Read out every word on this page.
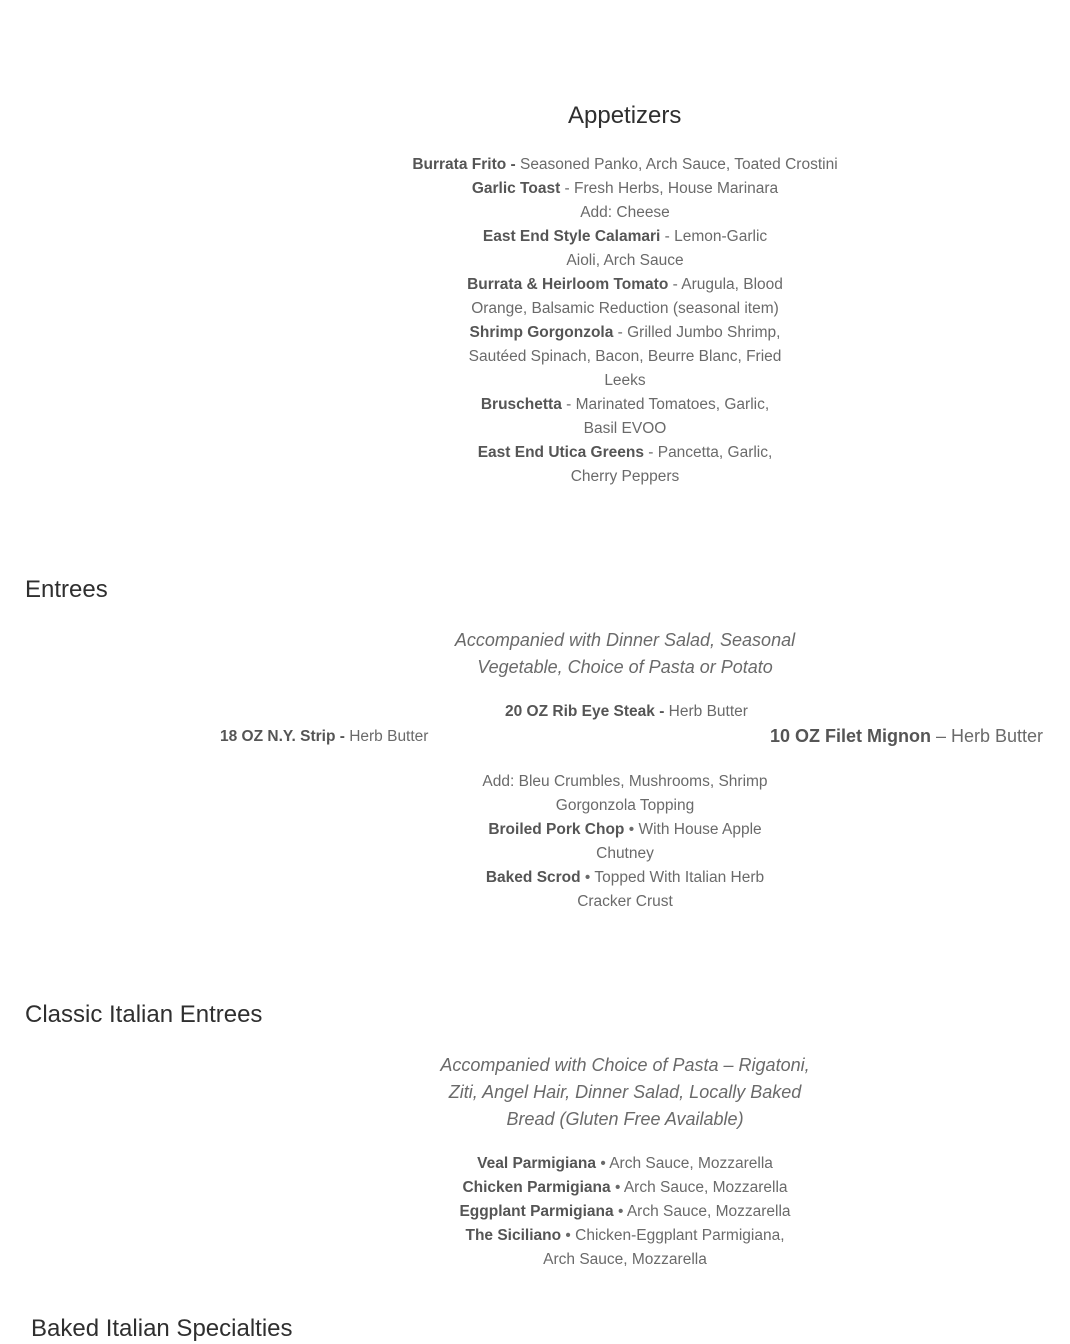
Appetizers

Burrata Frito - Seasoned Panko, Arch Sauce, Toated Crostini

Garlic Toast - Fresh Herbs, House Marinara

Add: Cheese

East End Style Calamari - Lemon-Garlic

Aioli, Arch Sauce

Burrata & Heirloom Tomato - Arugula, Blood

Orange, Balsamic Reduction (seasonal item)

Shrimp Gorgonzola - Grilled Jumbo Shrimp,

Sautéed Spinach, Bacon, Beurre Blanc, Fried

Leeks

Bruschetta - Marinated Tomatoes, Garlic,

Basil EVOO

East End Utica Greens - Pancetta, Garlic,

Cherry Peppers

Entrees
Accompanied with Dinner Salad, Seasonal
Vegetable, Choice of Pasta or Potato
20 OZ Rib Eye Steak - Herb Butter
18 OZ N.Y. Strip - Herb Butter	10 OZ Filet Mignon – Herb Butter

Add: Bleu Crumbles, Mushrooms, Shrimp

Gorgonzola Topping

Broiled Pork Chop • With House Apple

Chutney

Baked Scrod • Topped With Italian Herb

Cracker Crust

Classic Italian Entrees
Accompanied with Choice of Pasta – Rigatoni,
Ziti, Angel Hair, Dinner Salad, Locally Baked
Bread (Gluten Free Available)

Veal Parmigiana • Arch Sauce, Mozzarella

Chicken Parmigiana • Arch Sauce, Mozzarella

Eggplant Parmigiana • Arch Sauce, Mozzarella

The Siciliano • Chicken-Eggplant Parmigiana,

Arch Sauce, Mozzarella

Baked Italian Specialties
